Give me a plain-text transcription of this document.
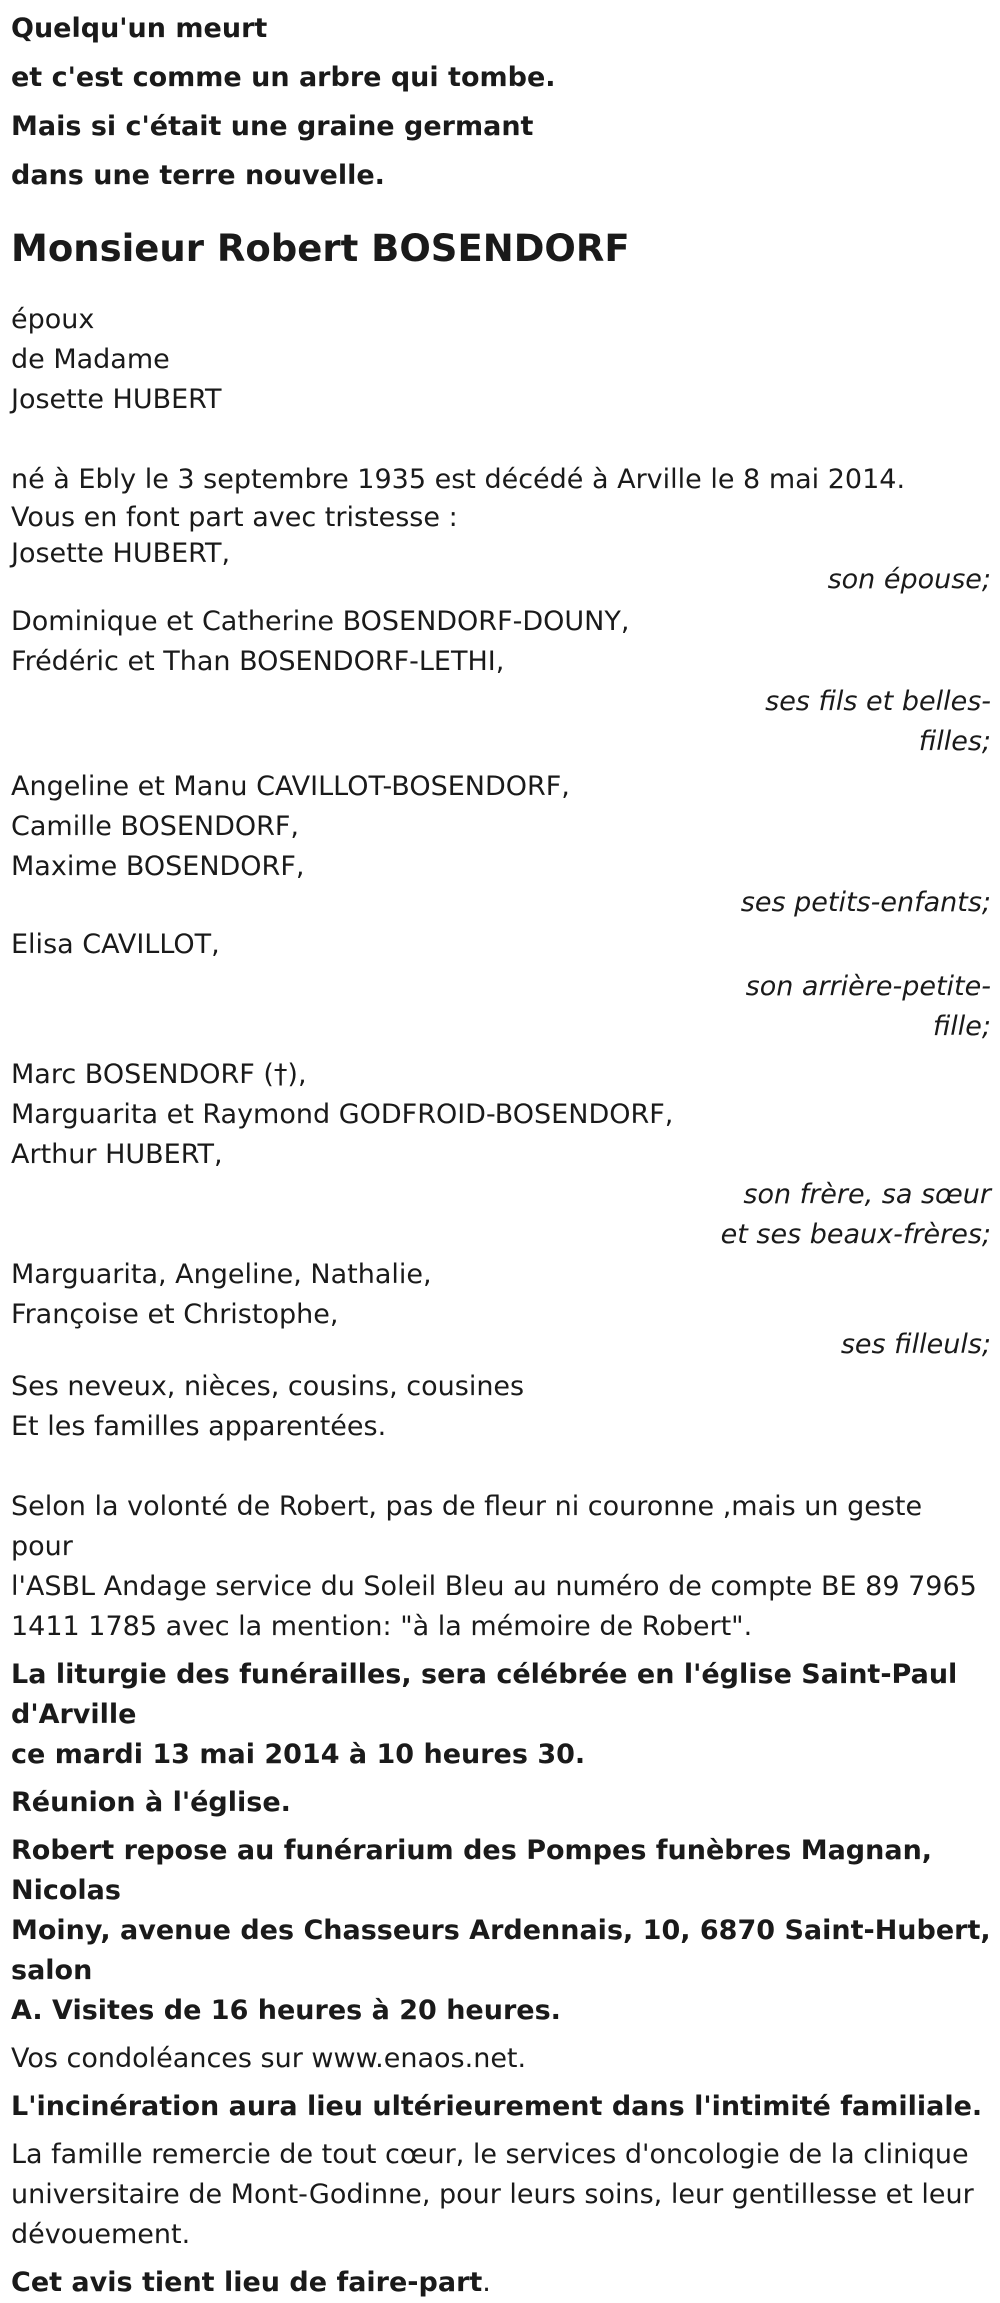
Quelqu'un meurt
et c'est comme un arbre qui tombe.
Mais si c'était une graine germant
dans une terre nouvelle.
Monsieur Robert BOSENDORF
époux
de Madame
Josette HUBERT
né à Ebly le 3 septembre 1935 est décédé à Arville le 8 mai 2014.
Vous en font part avec tristesse :
Josette HUBERT,
son épouse;
Dominique et Catherine BOSENDORF-DOUNY,
Frédéric et Than BOSENDORF-LETHI,
ses fils et belles-
filles;
Angeline et Manu CAVILLOT-BOSENDORF,
Camille BOSENDORF,
Maxime BOSENDORF,
ses petits-enfants;
Elisa CAVILLOT,
son arrière-petite-
fille;
Marc BOSENDORF (†),
Marguarita et Raymond GODFROID-BOSENDORF,
Arthur HUBERT,
son frère, sa sœur
et ses beaux-frères;
Marguarita, Angeline, Nathalie,
Françoise et Christophe,
ses filleuls;
Ses neveux, nièces, cousins, cousines
Et les familles apparentées.
Selon la volonté de Robert, pas de fleur ni couronne ,mais un geste pour
l'ASBL Andage service du Soleil Bleu au numéro de compte BE 89 7965
1411 1785 avec la mention: "à la mémoire de Robert".
La liturgie des funérailles, sera célébrée en l'église Saint-Paul d'Arville
ce mardi 13 mai 2014 à 10 heures 30.
Réunion à l'église.
Robert repose au funérarium des Pompes funèbres Magnan, Nicolas
Moiny, avenue des Chasseurs Ardennais, 10, 6870 Saint-Hubert, salon
A. Visites de 16 heures à 20 heures.
Vos condoléances sur www.enaos.net.
L'incinération aura lieu ultérieurement dans l'intimité familiale.
La famille remercie de tout cœur, le services d'oncologie de la clinique
universitaire de Mont-Godinne, pour leurs soins, leur gentillesse et leur
dévouement.
Cet avis tient lieu de faire-part.
